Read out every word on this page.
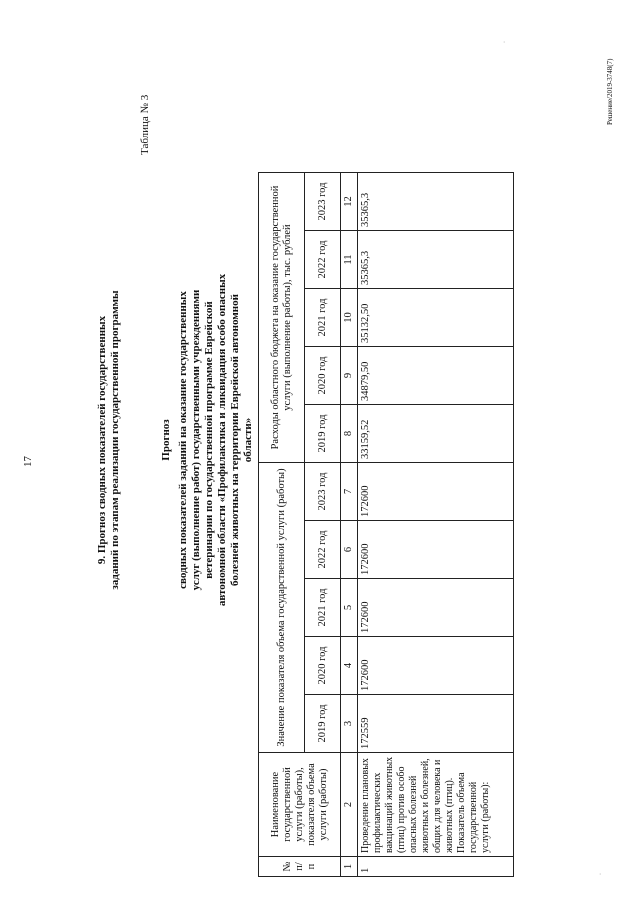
17	9. Прогноз сводных показателей государственных заданий по этапам реализации государственной программы
Таблица № 3
Прогноз сводных показателей заданий на оказание государственных услуг (выполнение работ) государственными учреждениями ветеринарии по государственной программе Еврейской автономной области «Профилактика и ликвидация особо опасных болезней животных на территории Еврейской автономной области»
№ п/п	Наименование государственной услуги (работы), показателя объема услуги (работы)	Значение показателя объема государственной услуги (работы)					Расходы областного бюджета на оказание государственной услуги (выполнение работы), тыс. рублей				
		2019 год	2020 год	2021 год	2022 год	2023 год	2019 год	2020 год	2021 год	2022 год	2023 год
1	2	3	4	5	6	7	8	9	10	11	12
1	Проведение плановых профилактических вакцинаций животных (птиц) против особо опасных болезней животных и болезней, общих для человека и животных (птиц). Показатель объема государственной услуги (работы):	172559	172600	172600	172600	172600	33159,52	34879,50	35132,50	35365,3	35365,3
Решение/2019-3748(7)
·
·
